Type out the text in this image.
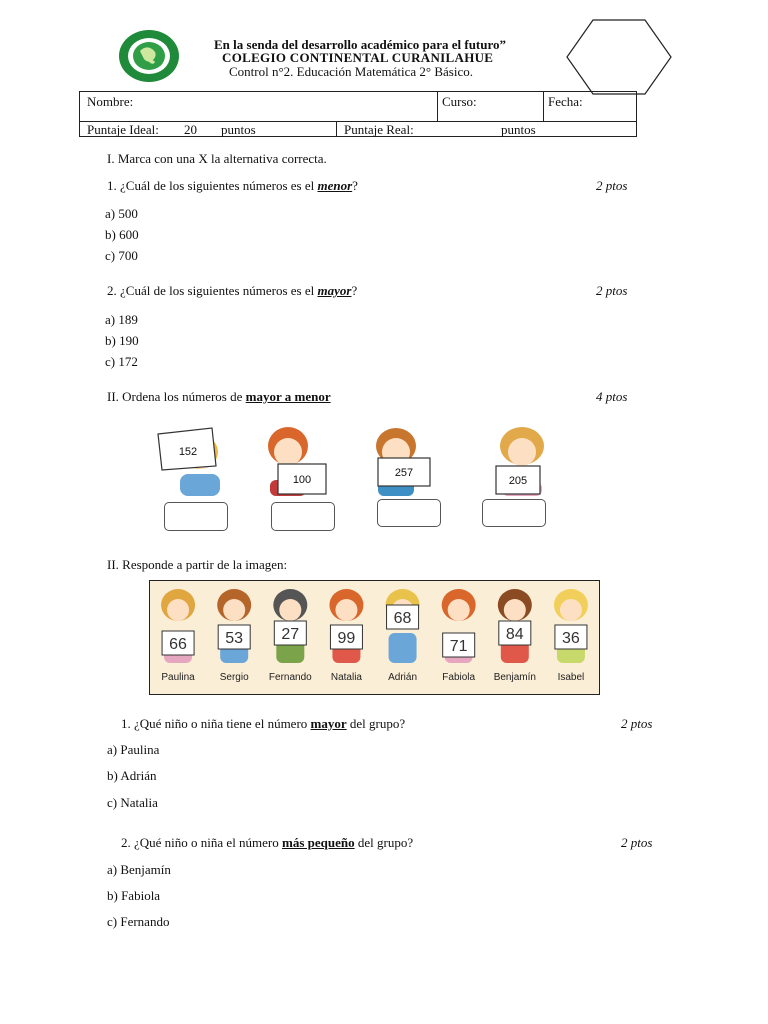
En la senda del desarrollo académico para el futuro”
COLEGIO CONTINENTAL CURANILAHUE
Control n°2. Educación Matemática 2° Básico.
Nombre:	Curso:	Fecha:
Puntaje Ideal: 20 puntos	Puntaje Real:	puntos
I. Marca con una X la alternativa correcta.
1. ¿Cuál de los siguientes números es el menor?	2 ptos
a) 500
b) 600
c) 700
2. ¿Cuál de los siguientes números es el mayor?	2 ptos
a) 189
b) 190
c) 172
II. Ordena los números de mayor a menor	4 ptos
152
100
257
205
II. Responde a partir de la imagen:
66
Paulina
53
Sergio
27
Fernando
99
Natalia
68
Adrián
71
Fabiola
84
Benjamín
36
Isabel
1. ¿Qué niño o niña tiene el número mayor del grupo?	2 ptos
a) Paulina
b) Adrián
c) Natalia
2. ¿Qué niño o niña el número más pequeño del grupo?	2 ptos
a) Benjamín
b) Fabiola
c) Fernando
